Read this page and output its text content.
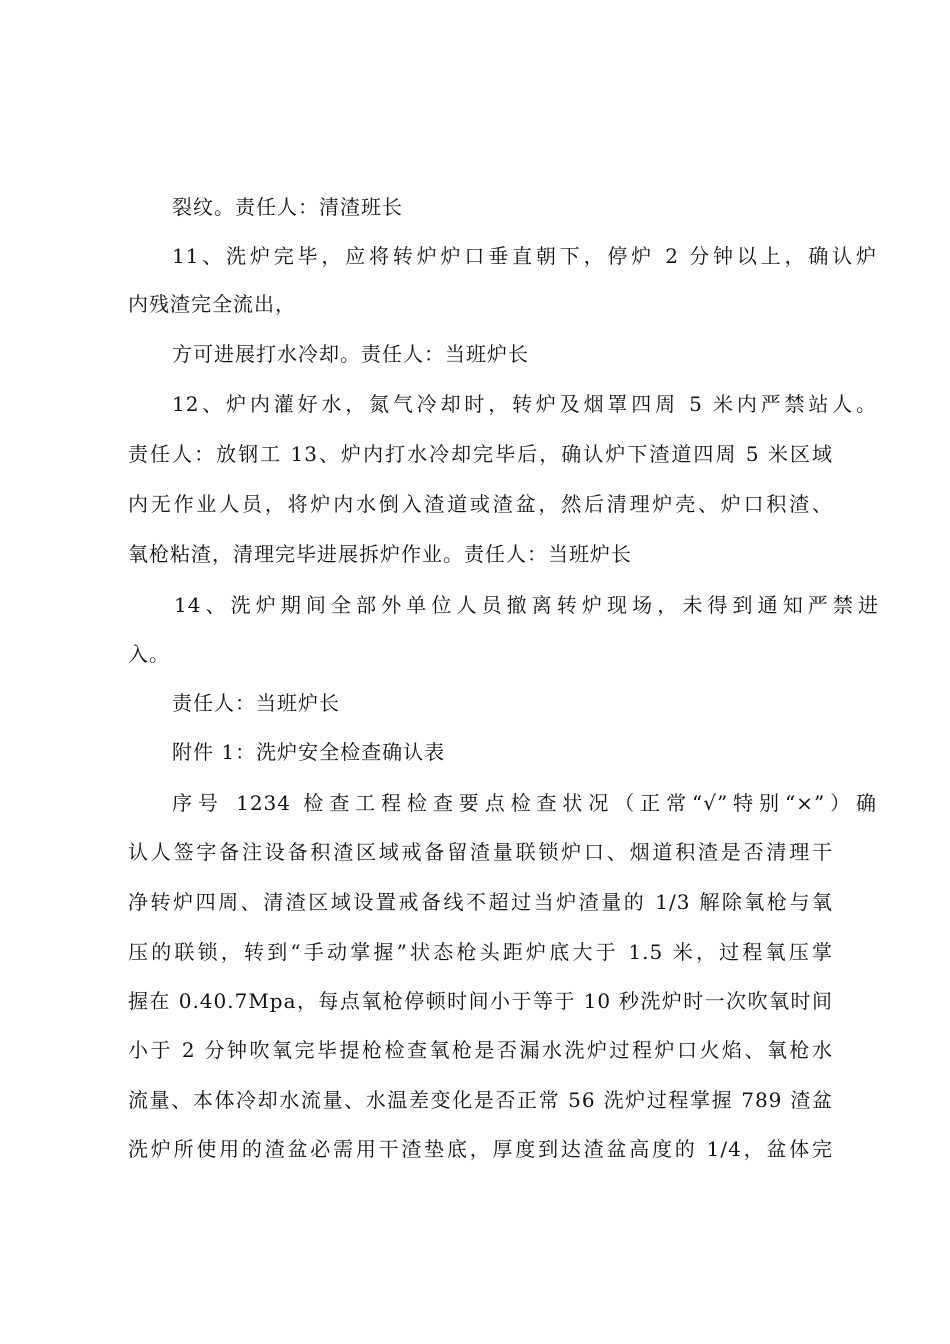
裂纹。责任人：清渣班长
11、洗炉完毕，应将转炉炉口垂直朝下，停炉 2 分钟以上，确认炉
内残渣完全流出，
方可进展打水冷却。责任人：当班炉长
12、炉内灌好水，氮气冷却时，转炉及烟罩四周 5 米内严禁站人。
责任人：放钢工 13、炉内打水冷却完毕后，确认炉下渣道四周 5 米区域
内无作业人员，将炉内水倒入渣道或渣盆，然后清理炉壳、炉口积渣、
氧枪粘渣，清理完毕进展拆炉作业。责任人：当班炉长
14、洗炉期间全部外单位人员撤离转炉现场，未得到通知严禁进
入。
责任人：当班炉长
附件 1：洗炉安全检查确认表
序号 1234 检查工程检查要点检查状况（正常“√”特别“×”）确
认人签字备注设备积渣区域戒备留渣量联锁炉口、烟道积渣是否清理干
净转炉四周、清渣区域设置戒备线不超过当炉渣量的 1/3 解除氧枪与氧
压的联锁，转到“手动掌握”状态枪头距炉底大于 1.5 米，过程氧压掌
握在 0.40.7Mpa，每点氧枪停顿时间小于等于 10 秒洗炉时一次吹氧时间
小于 2 分钟吹氧完毕提枪检查氧枪是否漏水洗炉过程炉口火焰、氧枪水
流量、本体冷却水流量、水温差变化是否正常 56 洗炉过程掌握 789 渣盆
洗炉所使用的渣盆必需用干渣垫底，厚度到达渣盆高度的 1/4，盆体完
